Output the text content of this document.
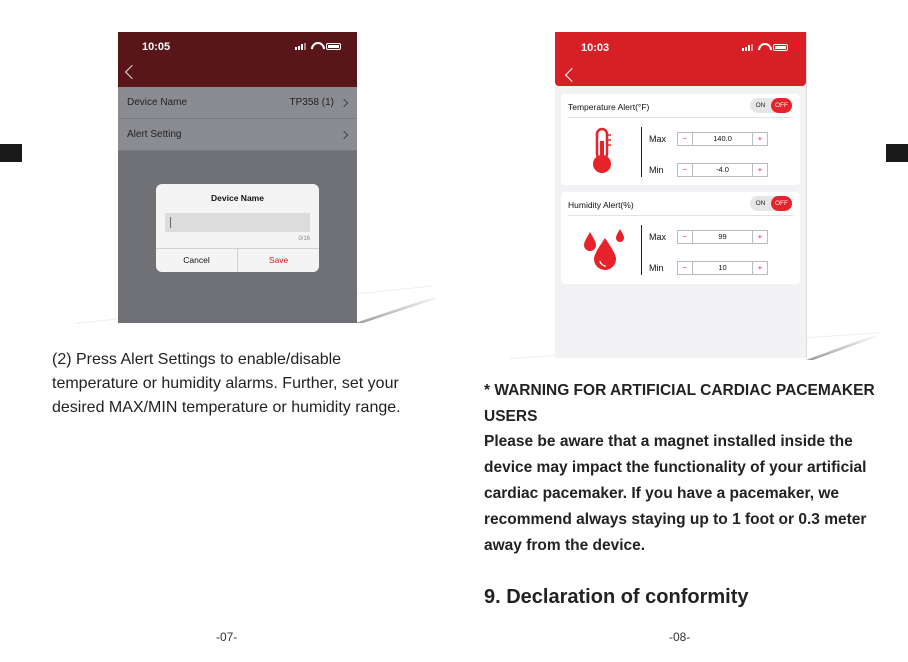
10:05
Device Name	TP358 (1)
Alert Setting
Device Name
0/16
Cancel	Save
10:03
Temperature Alert(°F)	ON	OFF
Max	−	140.0	+
Min	−	-4.0	+
Humidity Alert(%)	ON	OFF
Max	−	99	+
Min	−	10	+
(2) Press Alert Settings to enable/disable
temperature or humidity alarms. Further, set your
desired MAX/MIN temperature or humidity range.
* WARNING FOR ARTIFICIAL CARDIAC PACEMAKER
USERS
Please be aware that a magnet installed inside the
device may impact the functionality of your artificial
cardiac pacemaker. If you have a pacemaker, we
recommend always staying up to 1 foot or 0.3 meter
away from the device.
9. Declaration of conformity
-07-	-08-
